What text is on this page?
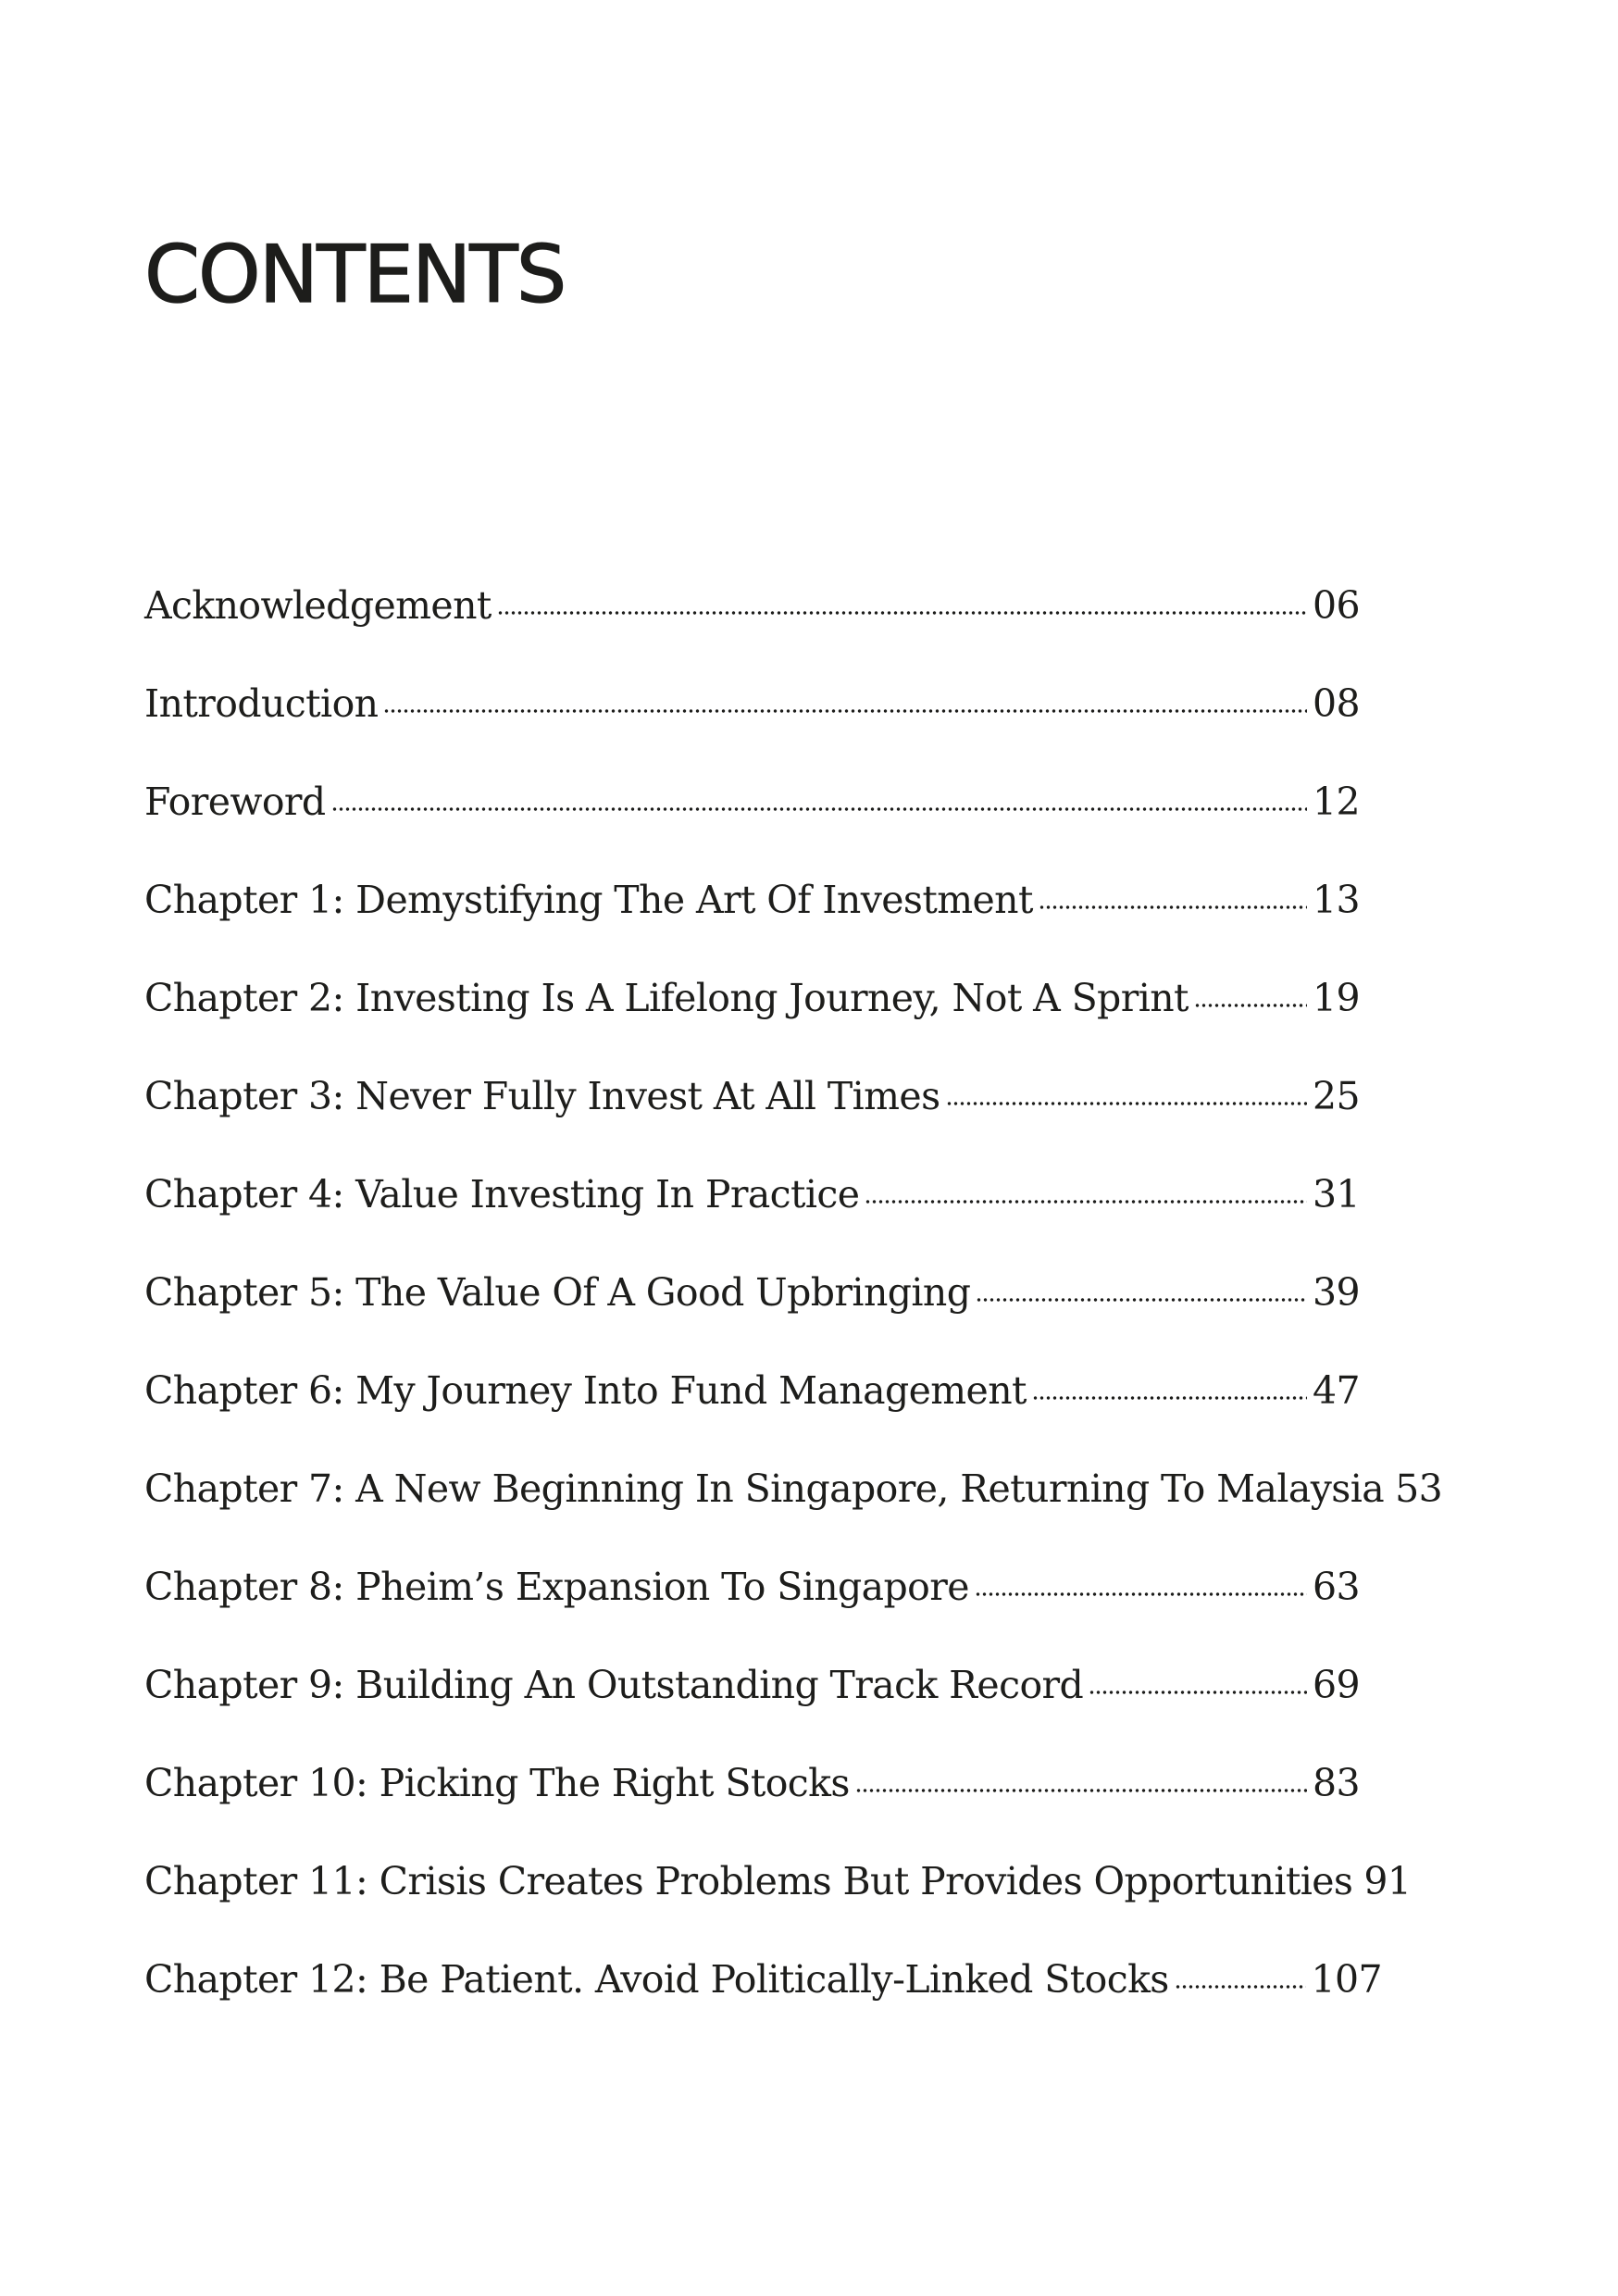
CONTENTS
Acknowledgement	06
Introduction	08
Foreword	12
Chapter 1: Demystifying The Art Of Investment	13
Chapter 2: Investing Is A Lifelong Journey, Not A Sprint	19
Chapter 3: Never Fully Invest At All Times	25
Chapter 4: Value Investing In Practice	31
Chapter 5: The Value Of A Good Upbringing	39
Chapter 6: My Journey Into Fund Management	47
Chapter 7: A New Beginning In Singapore, Returning To Malaysia 53
Chapter 8: Pheim’s Expansion To Singapore	63
Chapter 9: Building An Outstanding Track Record	69
Chapter 10: Picking The Right Stocks	83
Chapter 11: Crisis Creates Problems But Provides Opportunities 91
Chapter 12: Be Patient. Avoid Politically-Linked Stocks	107
